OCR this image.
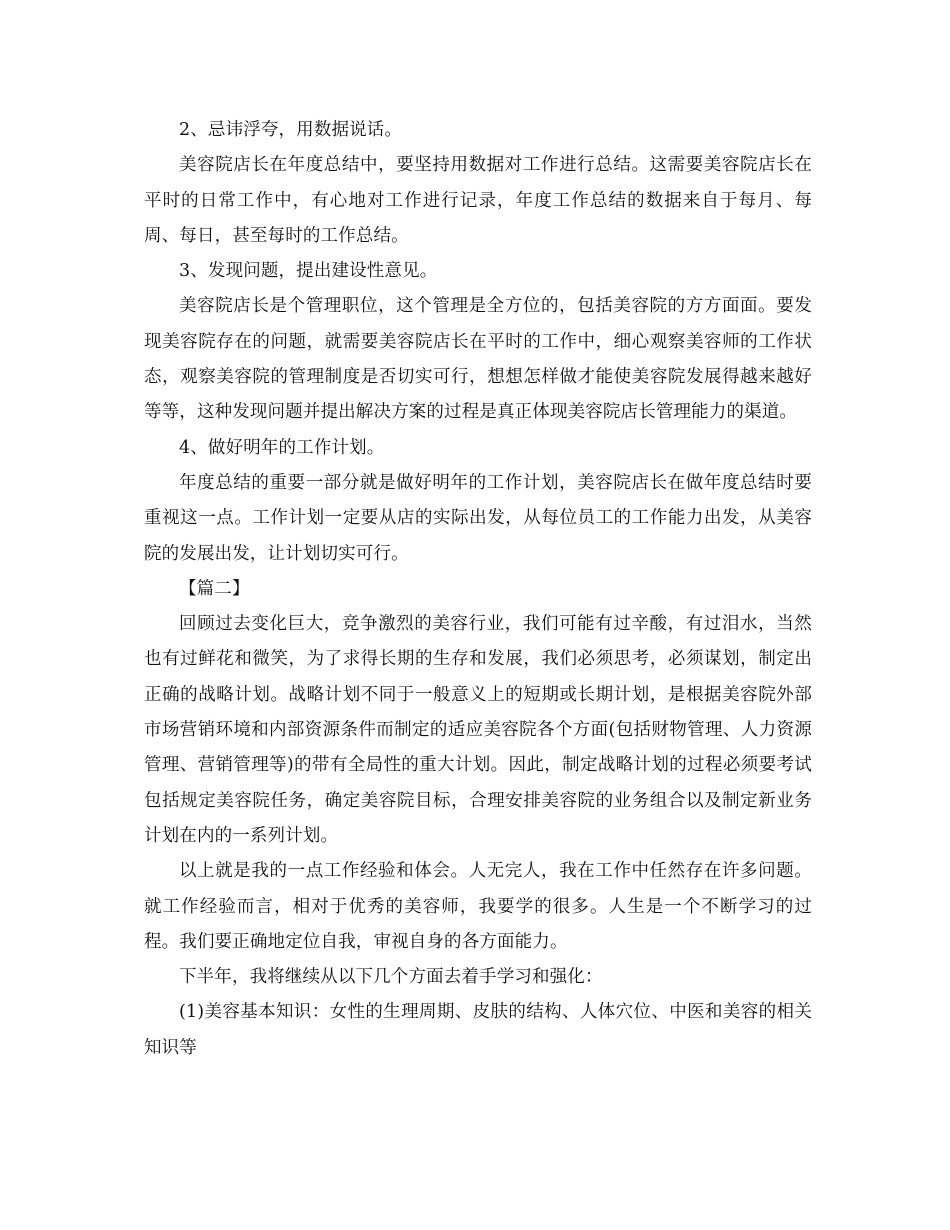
2、忌讳浮夸，用数据说话。

美容院店长在年度总结中，要坚持用数据对工作进行总结。这需要美容院店长在平时的日常工作中，有心地对工作进行记录，年度工作总结的数据来自于每月、每周、每日，甚至每时的工作总结。

3、发现问题，提出建设性意见。

美容院店长是个管理职位，这个管理是全方位的，包括美容院的方方面面。要发现美容院存在的问题，就需要美容院店长在平时的工作中，细心观察美容师的工作状态，观察美容院的管理制度是否切实可行，想想怎样做才能使美容院发展得越来越好等等，这种发现问题并提出解决方案的过程是真正体现美容院店长管理能力的渠道。

4、做好明年的工作计划。

年度总结的重要一部分就是做好明年的工作计划，美容院店长在做年度总结时要重视这一点。工作计划一定要从店的实际出发，从每位员工的工作能力出发，从美容院的发展出发，让计划切实可行。

【篇二】

回顾过去变化巨大，竞争激烈的美容行业，我们可能有过辛酸，有过泪水，当然也有过鲜花和微笑，为了求得长期的生存和发展，我们必须思考，必须谋划，制定出正确的战略计划。战略计划不同于一般意义上的短期或长期计划，是根据美容院外部市场营销环境和内部资源条件而制定的适应美容院各个方面(包括财物管理、人力资源管理、营销管理等)的带有全局性的重大计划。因此，制定战略计划的过程必须要考试包括规定美容院任务，确定美容院目标，合理安排美容院的业务组合以及制定新业务计划在内的一系列计划。

以上就是我的一点工作经验和体会。人无完人，我在工作中任然存在许多问题。就工作经验而言，相对于优秀的美容师，我要学的很多。人生是一个不断学习的过程。我们要正确地定位自我，审视自身的各方面能力。

下半年，我将继续从以下几个方面去着手学习和强化：

(1)美容基本知识：女性的生理周期、皮肤的结构、人体穴位、中医和美容的相关知识等
